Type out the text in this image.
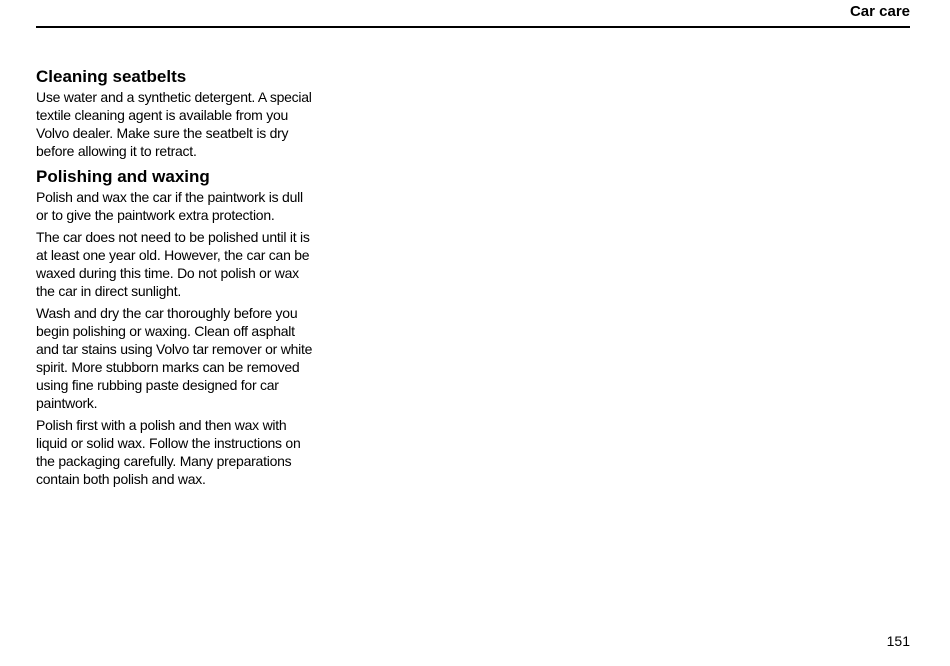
Car care
Cleaning seatbelts

Use water and a synthetic detergent. A special textile cleaning agent is available from you Volvo dealer. Make sure the seatbelt is dry before allowing it to retract.

Polishing and waxing

Polish and wax the car if the paintwork is dull or to give the paintwork extra protection.

The car does not need to be polished until it is at least one year old. However, the car can be waxed during this time. Do not polish or wax the car in direct sunlight.

Wash and dry the car thoroughly before you begin polishing or waxing. Clean off asphalt and tar stains using Volvo tar remover or white spirit. More stubborn marks can be removed using fine rubbing paste designed for car paintwork.

Polish first with a polish and then wax with liquid or solid wax. Follow the instructions on the packaging carefully. Many preparations contain both polish and wax.

151
